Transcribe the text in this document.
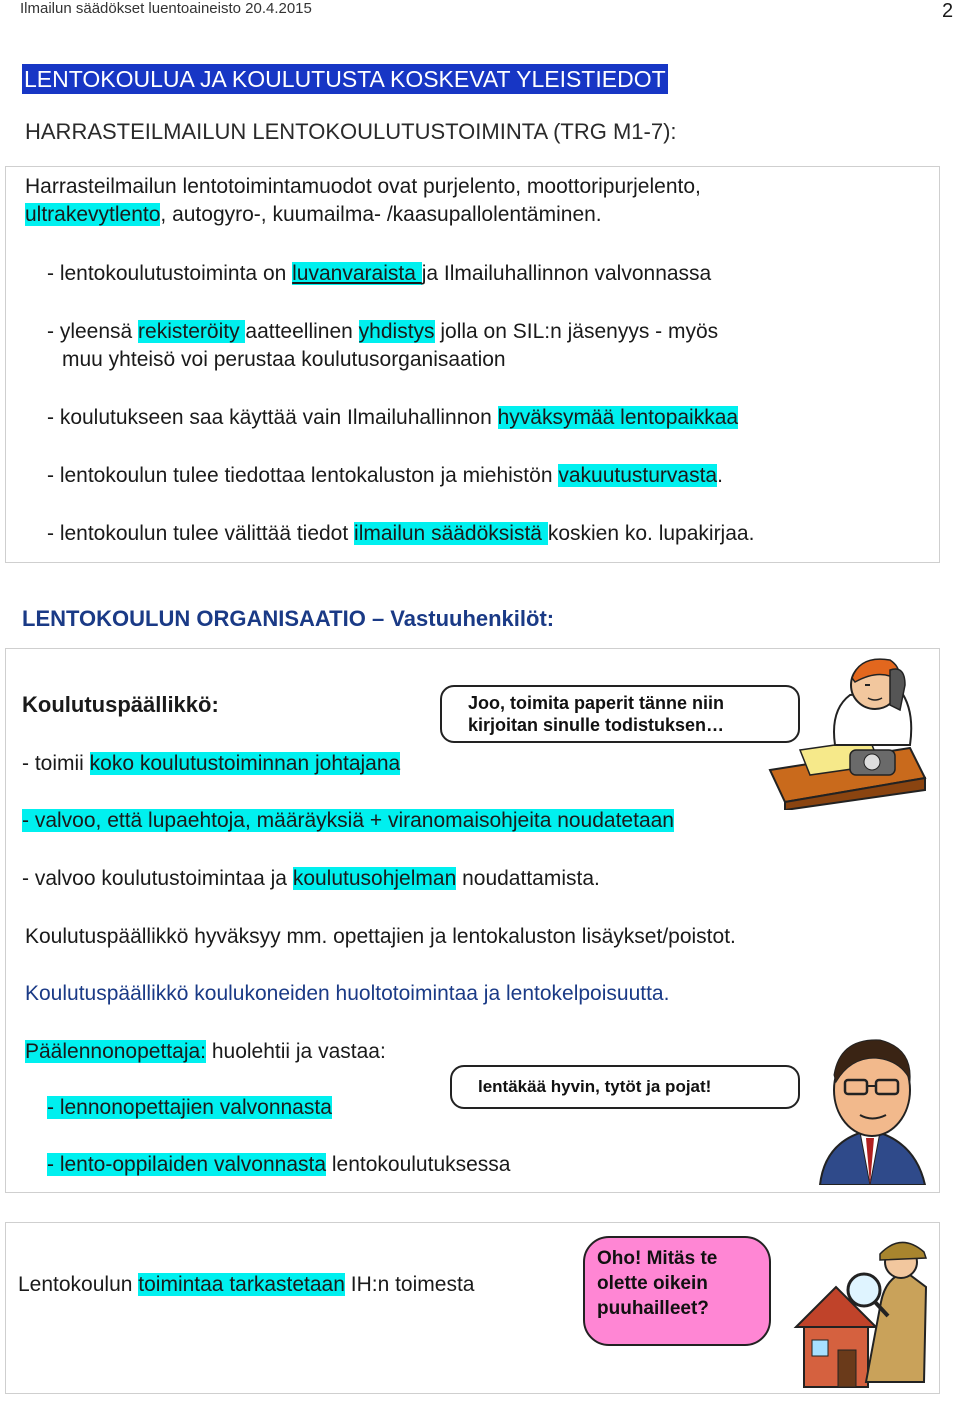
Ilmailun säädökset luentoaineisto 20.4.2015	2
LENTOKOULUA JA KOULUTUSTA KOSKEVAT YLEISTIEDOT
HARRASTEILMAILUN LENTOKOULUTUSTOIMINTA (TRG M1-7):
Harrasteilmailun lentotoimintamuodot ovat purjelento, moottoripurjelento,
ultrakevytlento, autogyro-, kuumailma- /kaasupallolentäminen.
- lentokoulutustoiminta on luvanvaraista ja Ilmailuhallinnon valvonnassa
- yleensä rekisteröity aatteellinen yhdistys jolla on SIL:n jäsenyys - myös
muu yhteisö voi perustaa koulutusorganisaation
- koulutukseen saa käyttää vain Ilmailuhallinnon hyväksymää lentopaikkaa
- lentokoulun tulee tiedottaa lentokaluston ja miehistön vakuutusturvasta.
- lentokoulun tulee välittää tiedot ilmailun säädöksistä koskien ko. lupakirjaa.
LENTOKOULUN ORGANISAATIO – Vastuuhenkilöt:
Koulutuspäällikkö:	Joo, toimita paperit tänne niin kirjoitan sinulle todistuksen…
- toimii koko koulutustoiminnan johtajana
- valvoo, että lupaehtoja, määräyksiä + viranomaisohjeita noudatetaan
- valvoo koulutustoimintaa ja koulutusohjelman noudattamista.
Koulutuspäällikkö hyväksyy mm. opettajien ja lentokaluston lisäykset/poistot.
Koulutuspäällikkö koulukoneiden huoltotoimintaa ja lentokelpoisuutta.
Päälennonopettaja: huolehtii ja vastaa:
lentäkää hyvin, tytöt ja pojat!
- lennonopettajien valvonnasta
- lento-oppilaiden valvonnasta lentokoulutuksessa
Lentokoulun toimintaa tarkastetaan IH:n toimesta
Oho! Mitäs te olette oikein puuhailleet?
